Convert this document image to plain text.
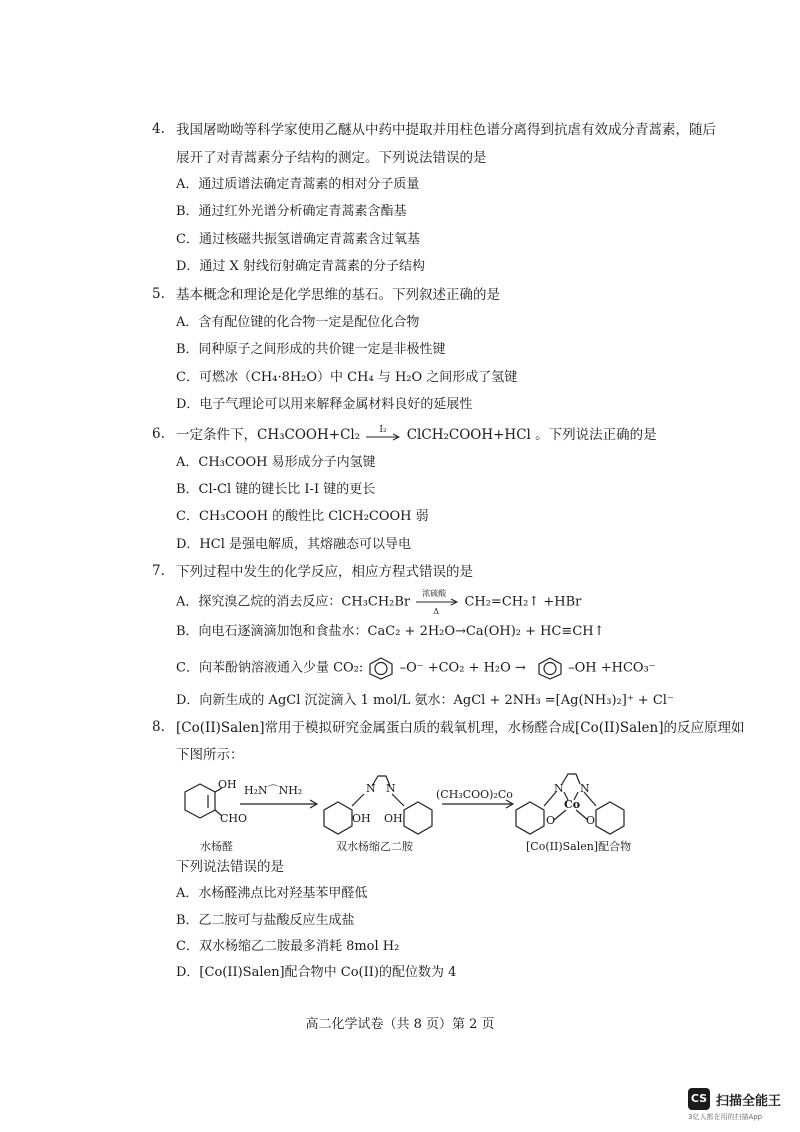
4. 我国屠呦呦等科学家使用乙醚从中药中提取并用柱色谱分离得到抗虐有效成分青蒿素，随后
展开了对青蒿素分子结构的测定。下列说法错误的是
A．通过质谱法确定青蒿素的相对分子质量
B．通过红外光谱分析确定青蒿素含酯基
C．通过核磁共振氢谱确定青蒿素含过氧基
D．通过 X 射线衍射确定青蒿素的分子结构
5. 基本概念和理论是化学思维的基石。下列叙述正确的是
A．含有配位键的化合物一定是配位化合物
B．同种原子之间形成的共价键一定是非极性键
C．可燃冰（CH₄·8H₂O）中 CH₄ 与 H₂O 之间形成了氢键
D．电子气理论可以用来解释金属材料良好的延展性
6. 一定条件下，CH₃COOH+Cl₂ I₂ ClCH₂COOH+HCl 。下列说法正确的是
A．CH₃COOH 易形成分子内氢键
B．Cl-Cl 键的键长比 I-I 键的更长
C．CH₃COOH 的酸性比 ClCH₂COOH 弱
D．HCl 是强电解质，其熔融态可以导电
7. 下列过程中发生的化学反应，相应方程式错误的是
A．探究溴乙烷的消去反应：CH₃CH₂Br
浓硫酸
Δ
CH₂=CH₂↑ +HBr
B．向电石逐滴滴加饱和食盐水：CaC₂ + 2H₂O→Ca(OH)₂ + HC≡CH↑
C．向苯酚钠溶液通入少量 CO₂:	–O⁻ +CO₂ + H₂O →	–OH +HCO₃⁻
D．向新生成的 AgCl 沉淀滴入 1 mol/L 氨水：AgCl + 2NH₃ =[Ag(NH₃)₂]⁺ + Cl⁻
8. [Co(II)Salen]常用于模拟研究金属蛋白质的载氧机理，水杨醛合成[Co(II)Salen]的反应原理如
下图所示：
OH
CHO
H₂N⌒NH₂	N N
OH OH
(CH₃COO)₂Co	N N
Co
O	O
水杨醛	双水杨缩乙二胺	[Co(II)Salen]配合物
下列说法错误的是
A．水杨醛沸点比对羟基苯甲醛低
B．乙二胺可与盐酸反应生成盐
C．双水杨缩乙二胺最多消耗 8mol H₂
D．[Co(II)Salen]配合物中 Co(II)的配位数为 4
高二化学试卷（共 8 页）第 2 页
CS 扫描全能王
3亿人都在用的扫描App
